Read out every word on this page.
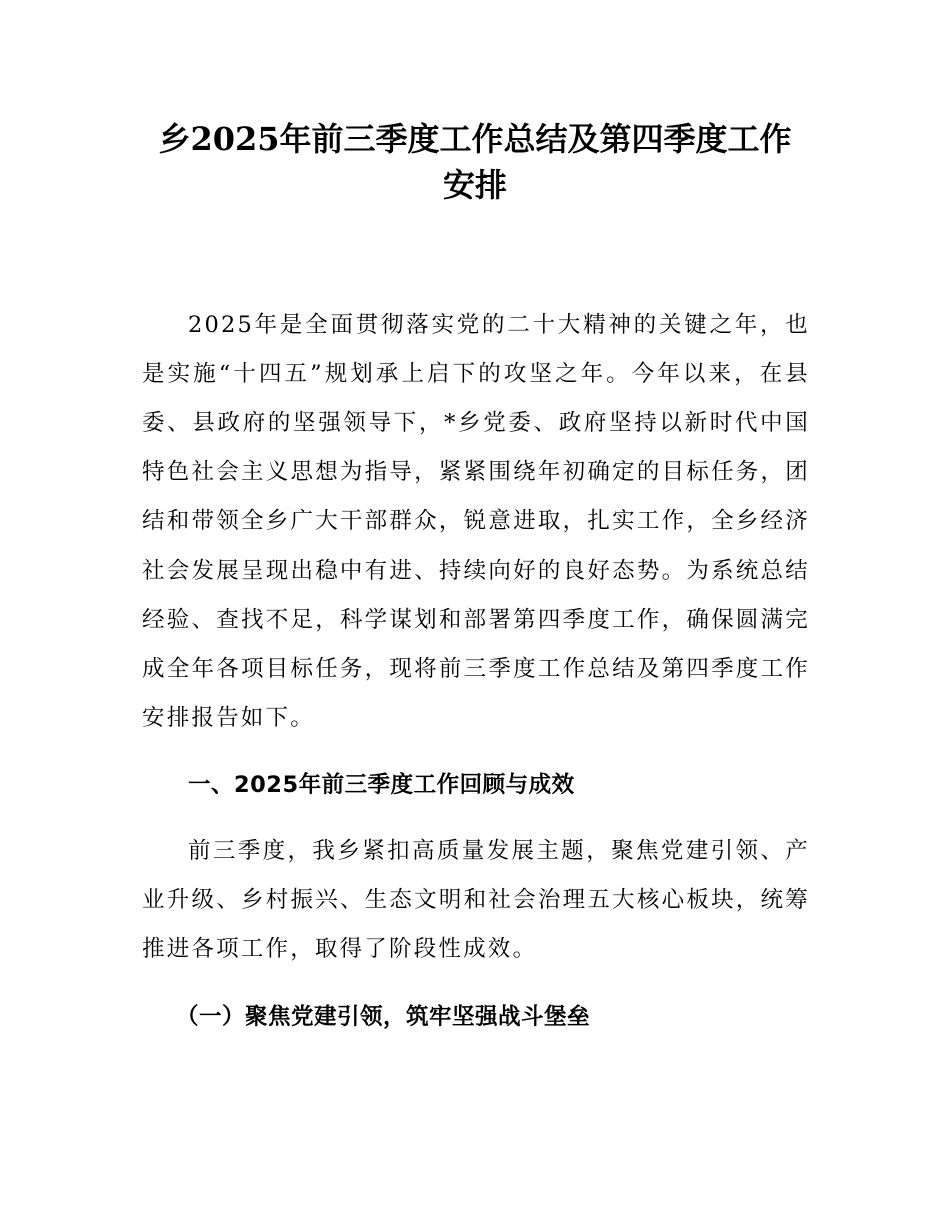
乡2025年前三季度工作总结及第四季度工作
安排
2025年是全面贯彻落实党的二十大精神的关键之年，也
是实施“十四五”规划承上启下的攻坚之年。今年以来，在县
委、县政府的坚强领导下，*乡党委、政府坚持以新时代中国
特色社会主义思想为指导，紧紧围绕年初确定的目标任务，团
结和带领全乡广大干部群众，锐意进取，扎实工作，全乡经济
社会发展呈现出稳中有进、持续向好的良好态势。为系统总结
经验、查找不足，科学谋划和部署第四季度工作，确保圆满完
成全年各项目标任务，现将前三季度工作总结及第四季度工作
安排报告如下。
一、2025年前三季度工作回顾与成效
前三季度，我乡紧扣高质量发展主题，聚焦党建引领、产
业升级、乡村振兴、生态文明和社会治理五大核心板块，统筹
推进各项工作，取得了阶段性成效。
（一）聚焦党建引领，筑牢坚强战斗堡垒
